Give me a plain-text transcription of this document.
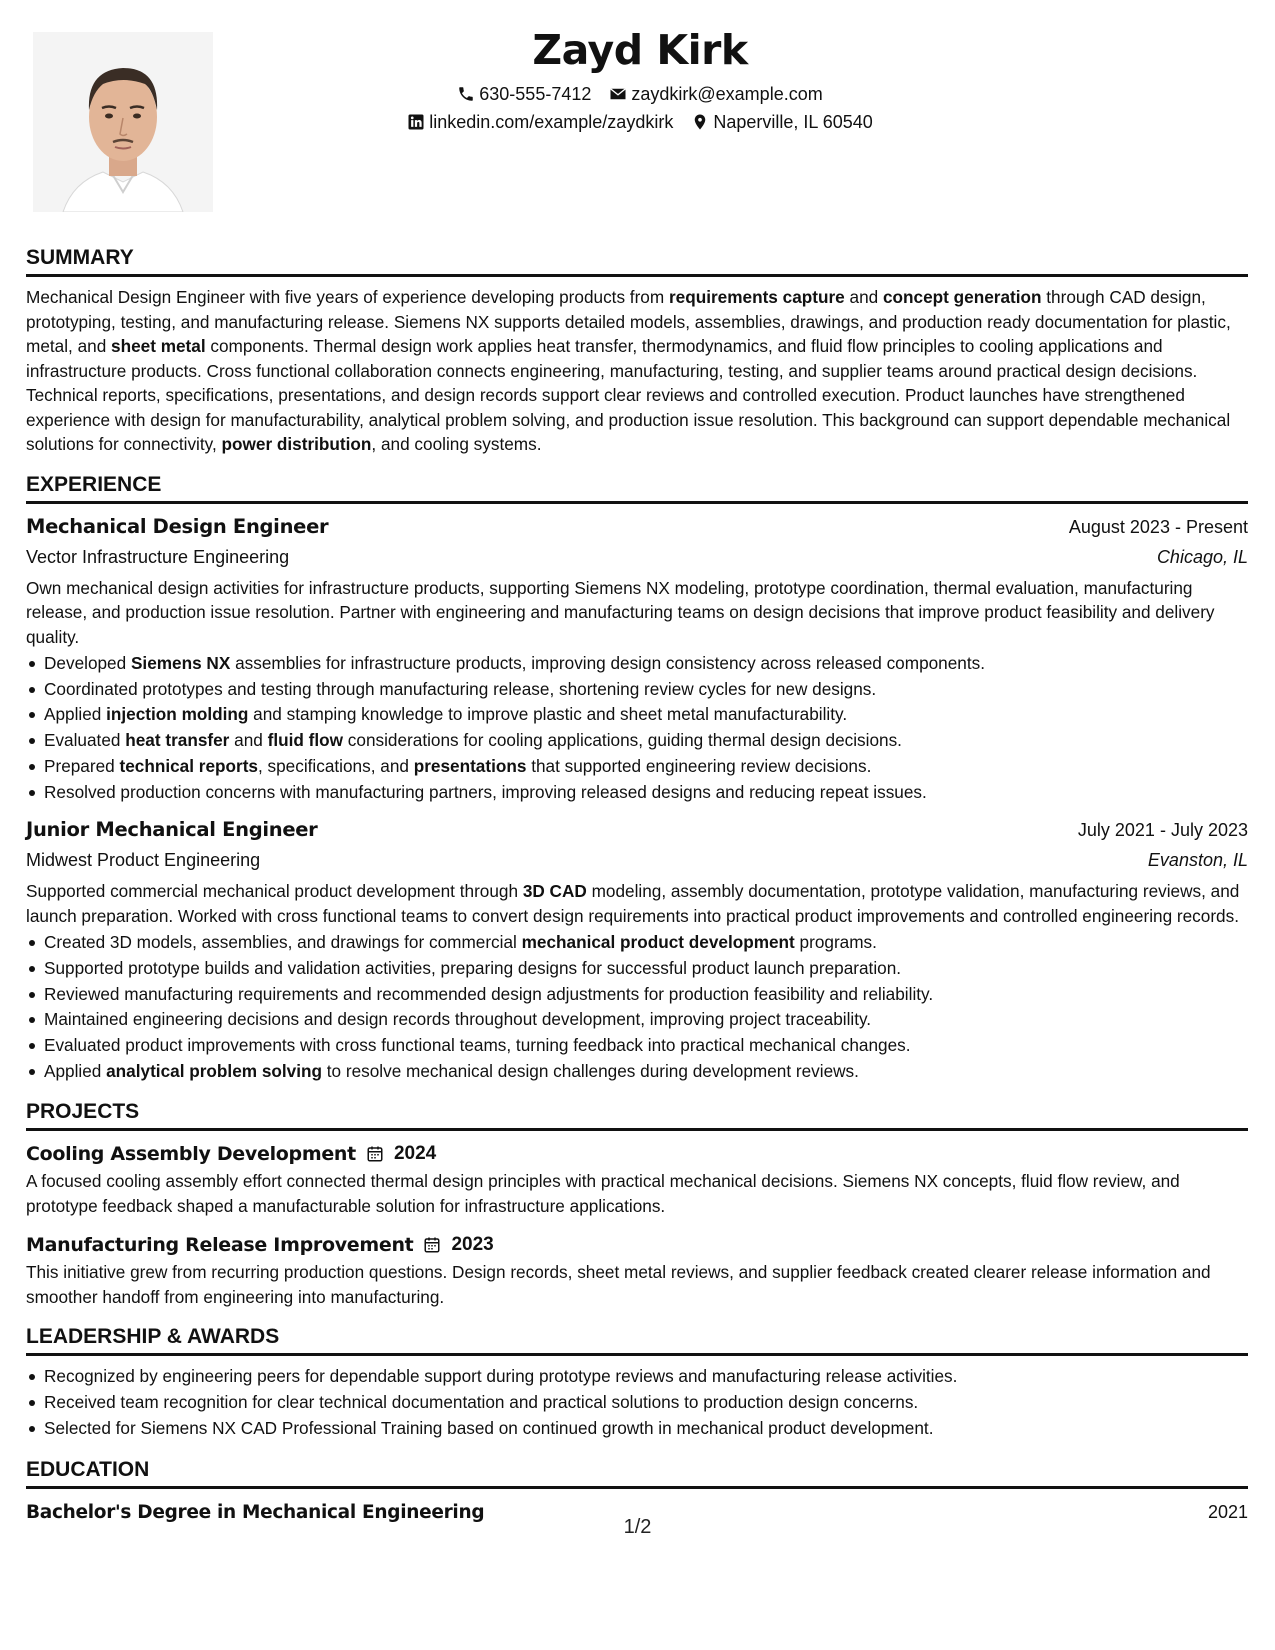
Zayd Kirk
630-555-7412 zaydkirk@example.com
linkedin.com/example/zaydkirk Naperville, IL 60540
SUMMARY
Mechanical Design Engineer with five years of experience developing products from requirements capture and concept generation through CAD design, prototyping, testing, and manufacturing release. Siemens NX supports detailed models, assemblies, drawings, and production ready documentation for plastic, metal, and sheet metal components. Thermal design work applies heat transfer, thermodynamics, and fluid flow principles to cooling applications and infrastructure products. Cross functional collaboration connects engineering, manufacturing, testing, and supplier teams around practical design decisions. Technical reports, specifications, presentations, and design records support clear reviews and controlled execution. Product launches have strengthened experience with design for manufacturability, analytical problem solving, and production issue resolution. This background can support dependable mechanical solutions for connectivity, power distribution, and cooling systems.
EXPERIENCE
Mechanical Design Engineer	August 2023 - Present
Vector Infrastructure Engineering	Chicago, IL
Own mechanical design activities for infrastructure products, supporting Siemens NX modeling, prototype coordination, thermal evaluation, manufacturing release, and production issue resolution. Partner with engineering and manufacturing teams on design decisions that improve product feasibility and delivery quality.
Developed Siemens NX assemblies for infrastructure products, improving design consistency across released components.
Coordinated prototypes and testing through manufacturing release, shortening review cycles for new designs.
Applied injection molding and stamping knowledge to improve plastic and sheet metal manufacturability.
Evaluated heat transfer and fluid flow considerations for cooling applications, guiding thermal design decisions.
Prepared technical reports, specifications, and presentations that supported engineering review decisions.
Resolved production concerns with manufacturing partners, improving released designs and reducing repeat issues.
Junior Mechanical Engineer	July 2021 - July 2023
Midwest Product Engineering	Evanston, IL
Supported commercial mechanical product development through 3D CAD modeling, assembly documentation, prototype validation, manufacturing reviews, and launch preparation. Worked with cross functional teams to convert design requirements into practical product improvements and controlled engineering records.
Created 3D models, assemblies, and drawings for commercial mechanical product development programs.
Supported prototype builds and validation activities, preparing designs for successful product launch preparation.
Reviewed manufacturing requirements and recommended design adjustments for production feasibility and reliability.
Maintained engineering decisions and design records throughout development, improving project traceability.
Evaluated product improvements with cross functional teams, turning feedback into practical mechanical changes.
Applied analytical problem solving to resolve mechanical design challenges during development reviews.
PROJECTS
Cooling Assembly Development 2024
A focused cooling assembly effort connected thermal design principles with practical mechanical decisions. Siemens NX concepts, fluid flow review, and prototype feedback shaped a manufacturable solution for infrastructure applications.
Manufacturing Release Improvement 2023
This initiative grew from recurring production questions. Design records, sheet metal reviews, and supplier feedback created clearer release information and smoother handoff from engineering into manufacturing.
LEADERSHIP & AWARDS
Recognized by engineering peers for dependable support during prototype reviews and manufacturing release activities.
Received team recognition for clear technical documentation and practical solutions to production design concerns.
Selected for Siemens NX CAD Professional Training based on continued growth in mechanical product development.
EDUCATION
Bachelor's Degree in Mechanical Engineering	2021
1/2
